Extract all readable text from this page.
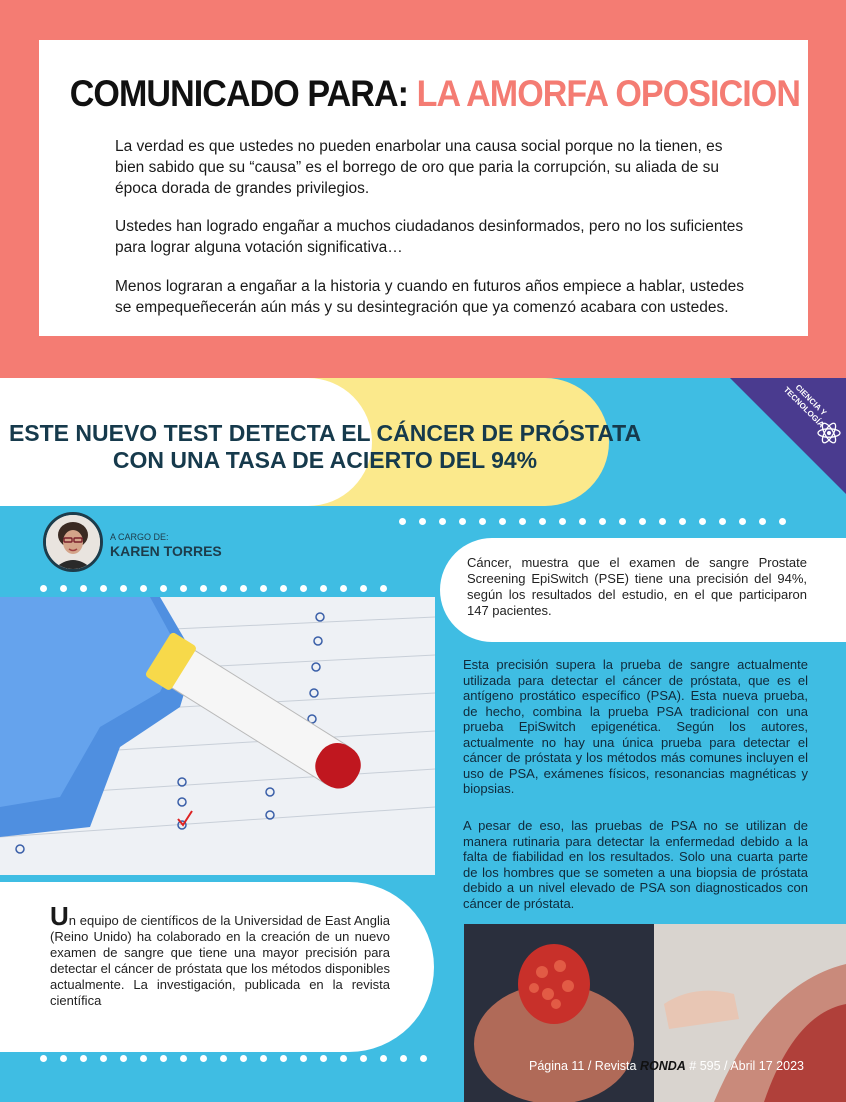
COMUNICADO PARA: LA AMORFA OPOSICION

La verdad es que ustedes no pueden enarbolar una causa social porque no la tienen, es bien sabido que su “causa” es el borrego de oro que paria la corrupción, su aliada de su época dorada de grandes privilegios.

Ustedes han logrado engañar a muchos ciudadanos desinformados, pero no los suficientes para lograr alguna votación significativa…

Menos lograran a engañar a la historia y cuando en futuros años empiece a hablar, ustedes se empequeñecerán aún más y su desintegración que ya comenzó acabara con ustedes.

ESTE NUEVO TEST DETECTA EL CÁNCER DE PRÓSTATA
CON UNA TASA DE ACIERTO DEL 94%
CIENCIA Y TECNOLOGÍA
A CARGO DE:
KAREN TORRES

Un equipo de científicos de la Universidad de East Anglia (Reino Unido) ha colaborado en la creación de un nuevo examen de sangre que tiene una mayor precisión para detectar el cáncer de próstata que los métodos disponibles actualmente. La investigación, publicada en la revista científica

Cáncer, muestra que el examen de sangre Prostate Screening EpiSwitch (PSE) tiene una precisión del 94%, según los resultados del estudio, en el que participaron 147 pacientes.

Esta precisión supera la prueba de sangre actualmente utilizada para detectar el cáncer de próstata, que es el antígeno prostático específico (PSA). Esta nueva prueba, de hecho, combina la prueba PSA tradicional con una prueba EpiSwitch epigenética. Según los autores, actualmente no hay una única prueba para detectar el cáncer de próstata y los métodos más comunes incluyen el uso de PSA, exámenes físicos, resonancias magnéticas y biopsias.

A pesar de eso, las pruebas de PSA no se utilizan de manera rutinaria para detectar la enfermedad debido a la falta de fiabilidad en los resultados. Solo una cuarta parte de los hombres que se someten a una biopsia de próstata debido a un nivel elevado de PSA son diagnosticados con cáncer de próstata.

Página 11 / Revista RONDA # 595 / Abril 17 2023
